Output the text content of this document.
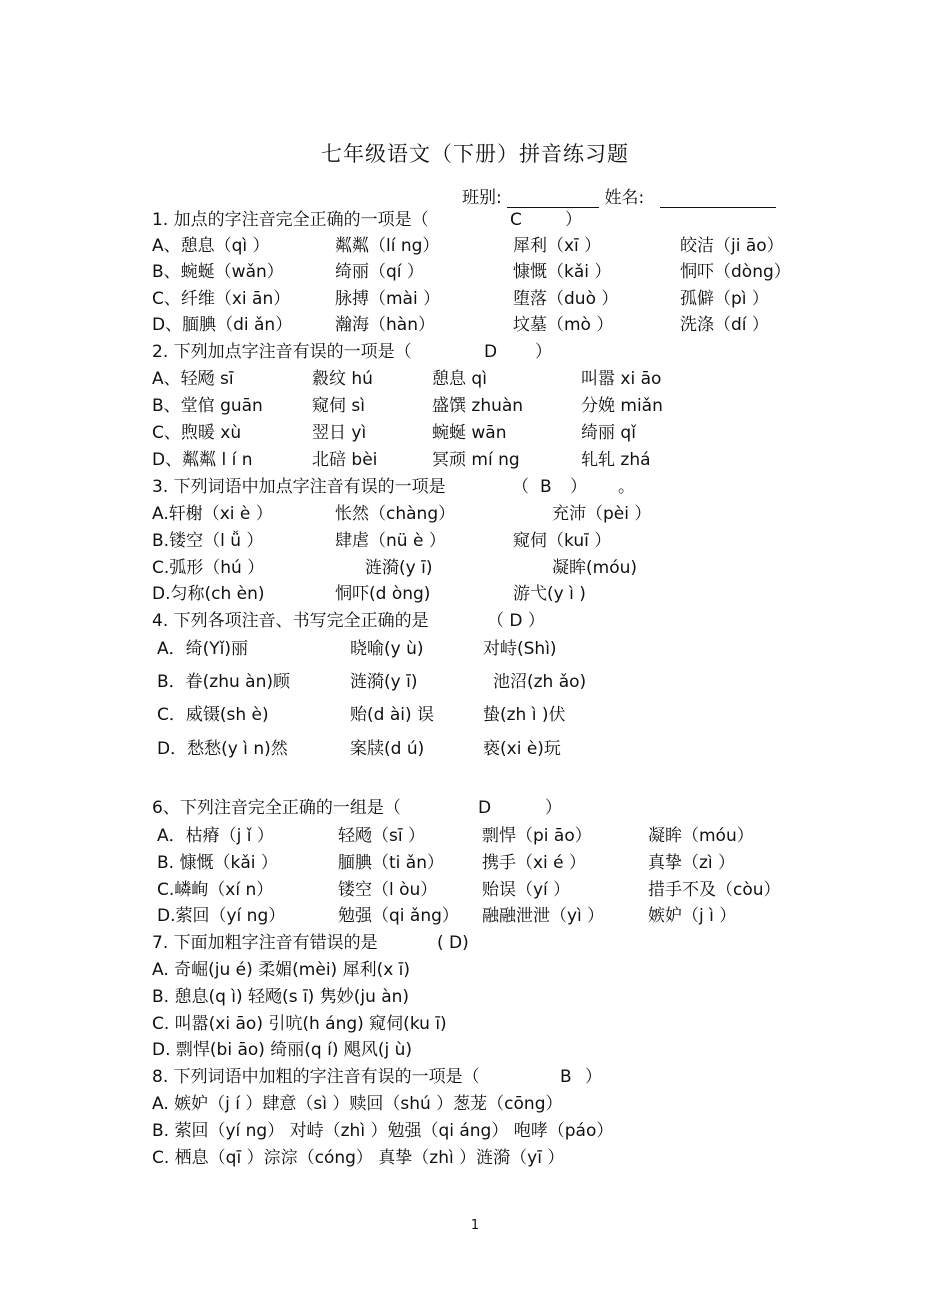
七年级语文（下册）拼音练习题
班别:	姓名:
1. 加点的字注音完全正确的一项是（	C	）
A、憩息（qì ）	粼粼（lí ng）	犀利（xī ）	皎洁（ji āo）
B、蜿蜒（wǎn）	绮丽（qí ）	慷慨（kǎi ）	恫吓（dòng）
C、纤维（xi ān）	脉搏（mài ）	堕落（duò ）	孤僻（pì ）
D、腼腆（di ǎn）	瀚海（hàn）	坟墓（mò ）	洗涤（dí ）
2. 下列加点字注音有误的一项是（	D ）
A、轻飏 sī	縠纹 hú	憩息 qì	叫嚣 xi āo
B、堂倌 guān	窥伺 sì	盛馔 zhuàn	分娩 miǎn
C、煦暖 xù	翌日 yì	蜿蜒 wān	绮丽 qǐ
D、粼粼 l í n	北碚 bèi	冥顽 mí ng	轧轧 zhá
3. 下列词语中加点字注音有误的一项是	（ B ） 。
A.轩榭（xi è ）	怅然（chàng）	充沛（pèi ）
B.镂空（l ǚ ）	肆虐（nü è ）	窥伺（kuī ）
C.弧形（hú ）	涟漪(y ī)	凝眸(móu)
D.匀称(ch èn)	恫吓(d òng)	游弋(y ì )
4. 下列各项注音、书写完全正确的是	（ D ）
A．绮(Yǐ)丽	晓喻(y ù)	对峙(Shì)
B．眷(zhu àn)顾	涟漪(y ī)	池沼(zh ǎo)
C．威镊(sh è)	贻(d ài) 误	蛰(zh ì )伏
D．愁愁(y ì n)然	案牍(d ú)	亵(xi è)玩
6、下列注音完全正确的一组是（	D	）
A．枯瘠（j ǐ ）	轻飏（sī ）	剽悍（pi āo）	凝眸（móu）
B. 慷慨（kǎi ）	腼腆（ti ǎn） 携手（xi é ）	真挚（zì ）
C.嶙峋（xí n）	镂空（l òu）	贻误（yí ）	措手不及（còu）
D.萦回（yí ng）	勉强（qi ǎng） 融融泄泄（yì ）	嫉妒（j ì ）
7. 下面加粗字注音有错误的是	( D)
A. 奇崛(ju é) 柔媚(mèi) 犀利(x ī)
B. 憩息(q ì) 轻飏(s ī) 隽妙(ju àn)
C. 叫嚣(xi āo) 引吭(h áng) 窥伺(ku ī)
D. 剽悍(bi āo) 绮丽(q í) 飓风(j ù)
8. 下列词语中加粗的字注音有误的一项是（	B ）
A. 嫉妒（j í ）肆意（sì ）赎回（shú ）葱茏（cōng）
B. 萦回（yí ng） 对峙（zhì ）勉强（qi áng） 咆哮（páo）
C. 栖息（qī ）淙淙（cóng） 真挚（zhì ）涟漪（yī ）
1
